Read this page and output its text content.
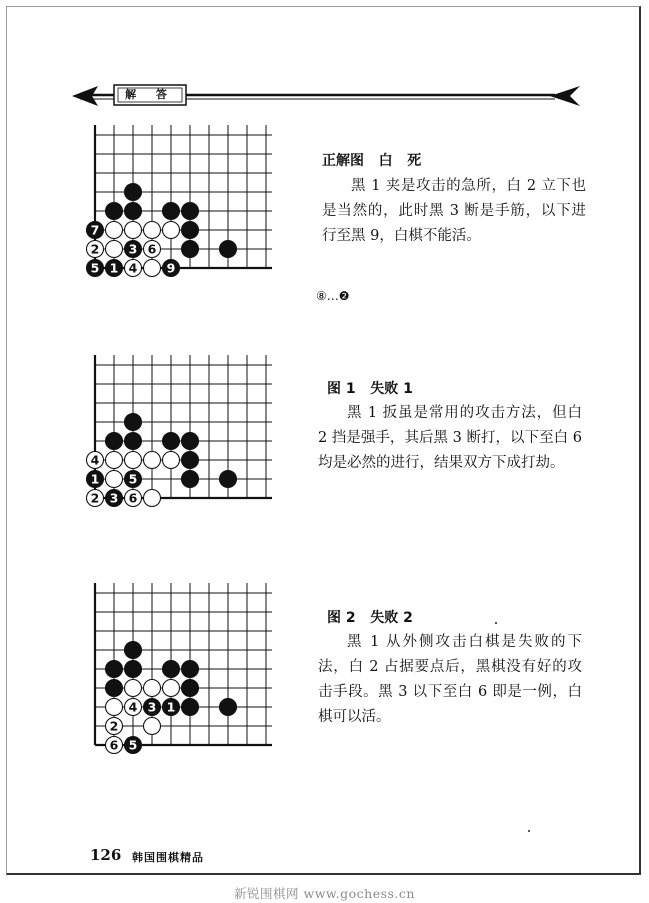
解 答
7
2 3 6
5 1 4 9
4
1 5
2 3 6
4 3 1
2
6 5
正解图   白   死
黑 1 夹是攻击的急所，白 2 立下也是当然的，此时黑 3 断是手筋，以下进行至黑 9，白棋不能活。
⑧…❷
图 1   失败 1
黑 1 扳虽是常用的攻击方法，但白 2 挡是强手，其后黑 3 断打，以下至白 6 均是必然的进行，结果双方下成打劫。
图 2   失败 2
黑 1 从外侧攻击白棋是失败的下法，白 2 占据要点后，黑棋没有好的攻击手段。黑 3 以下至白 6 即是一例，白棋可以活。
126 韩国围棋精品
新锐围棋网 www.gochess.cn
